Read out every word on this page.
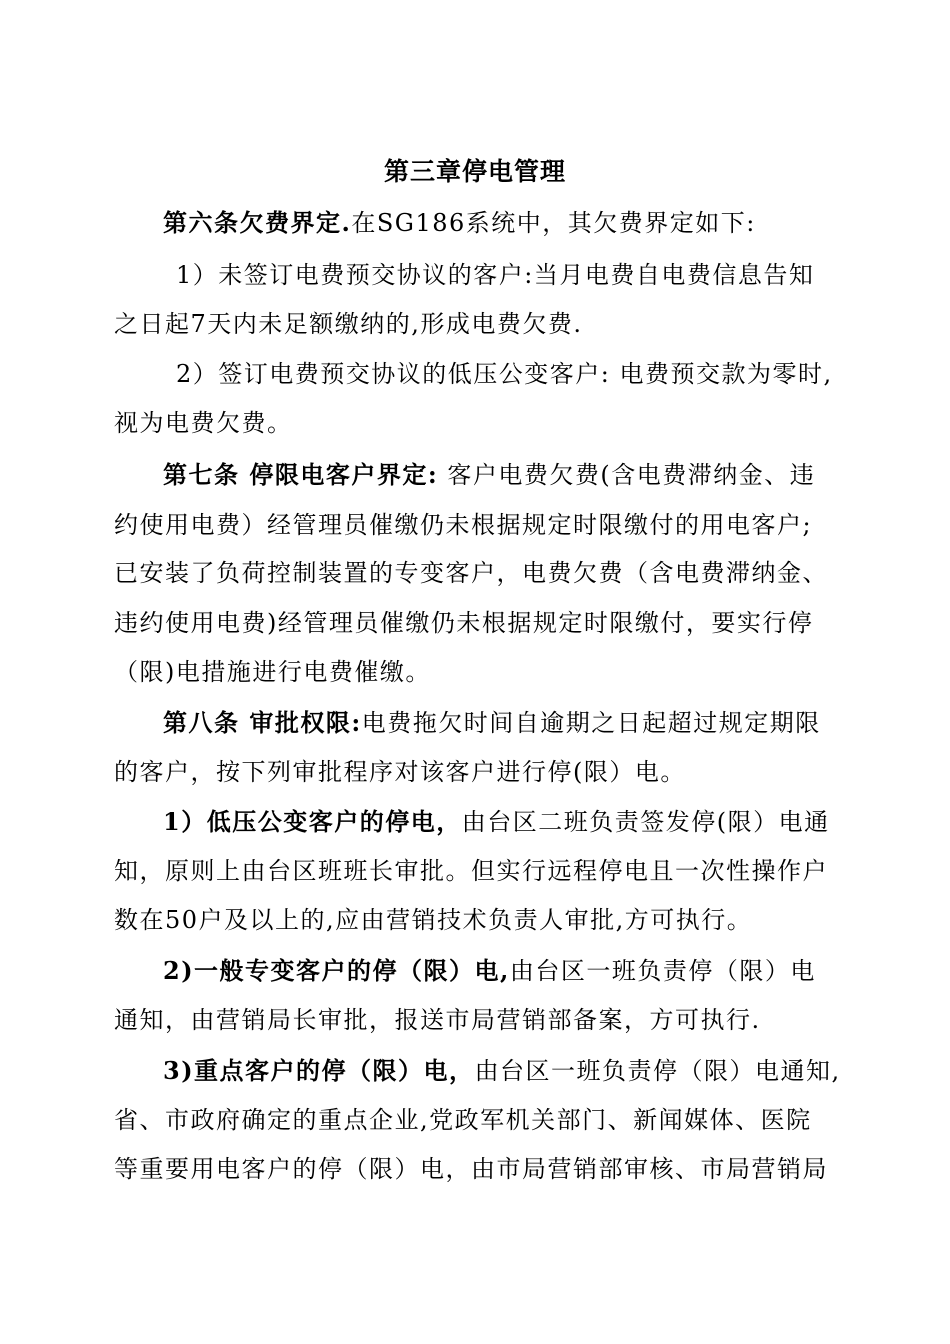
第三章停电管理
第六条欠费界定.在SG186系统中，其欠费界定如下:
1）未签订电费预交协议的客户:当月电费自电费信息告知
之日起7天内未足额缴纳的,形成电费欠费.
2）签订电费预交协议的低压公变客户: 电费预交款为零时,
视为电费欠费。
第七条 停限电客户界定: 客户电费欠费(含电费滞纳金、违
约使用电费）经管理员催缴仍未根据规定时限缴付的用电客户;
已安装了负荷控制装置的专变客户，电费欠费（含电费滞纳金、
违约使用电费)经管理员催缴仍未根据规定时限缴付，要实行停
（限)电措施进行电费催缴。
第八条 审批权限:电费拖欠时间自逾期之日起超过规定期限
的客户，按下列审批程序对该客户进行停(限）电。
1）低压公变客户的停电，由台区二班负责签发停(限）电通
知，原则上由台区班班长审批。但实行远程停电且一次性操作户
数在50户及以上的,应由营销技术负责人审批,方可执行。
2)一般专变客户的停（限）电,由台区一班负责停（限）电
通知，由营销局长审批，报送市局营销部备案，方可执行.
3)重点客户的停（限）电，由台区一班负责停（限）电通知,
省、市政府确定的重点企业,党政军机关部门、新闻媒体、医院
等重要用电客户的停（限）电，由市局营销部审核、市局营销局
